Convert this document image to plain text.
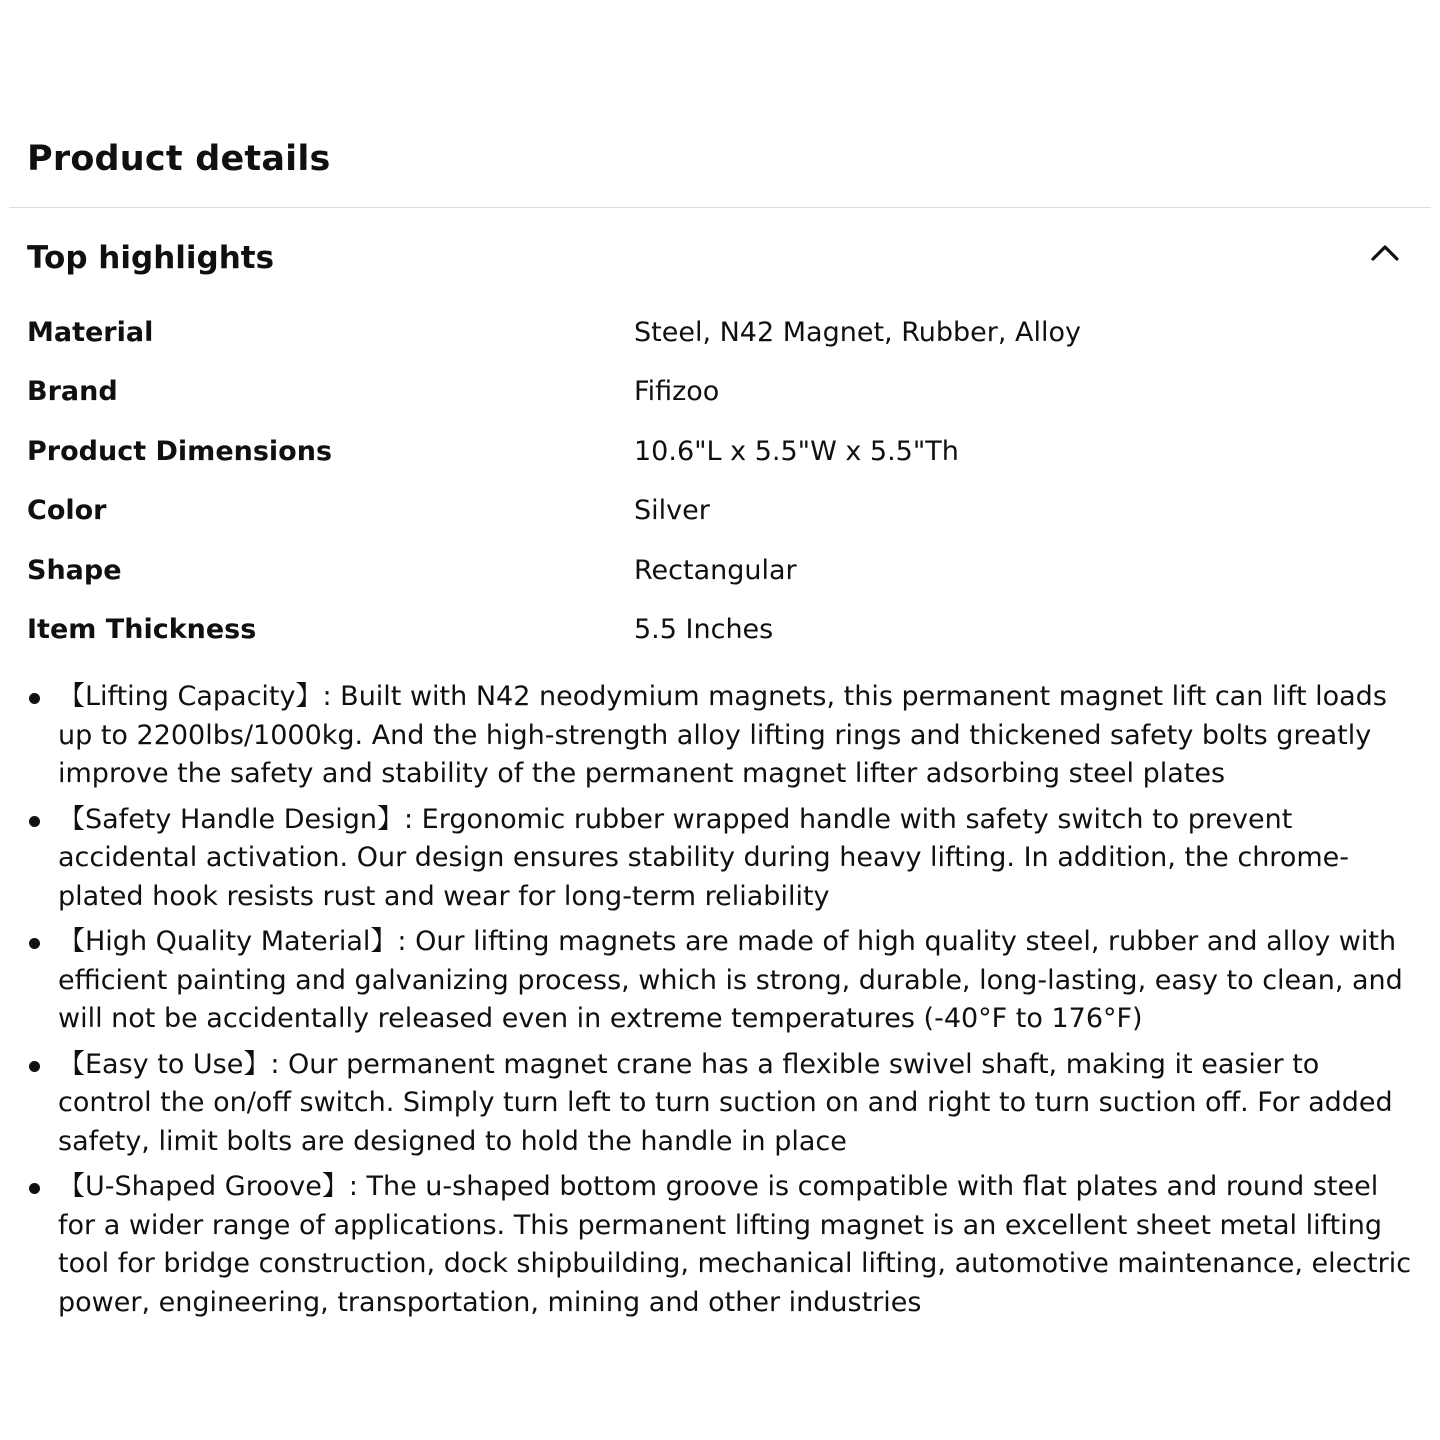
Product details
Top highlights
Material	Steel, N42 Magnet, Rubber, Alloy
Brand	Fifizoo
Product Dimensions	10.6"L x 5.5"W x 5.5"Th
Color	Silver
Shape	Rectangular
Item Thickness	5.5 Inches
• 【Lifting Capacity】: Built with N42 neodymium magnets, this permanent magnet lift can lift loads up to 2200lbs/1000kg. And the high-strength alloy lifting rings and thickened safety bolts greatly improve the safety and stability of the permanent magnet lifter adsorbing steel plates
• 【Safety Handle Design】: Ergonomic rubber wrapped handle with safety switch to prevent accidental activation. Our design ensures stability during heavy lifting. In addition, the chrome-plated hook resists rust and wear for long-term reliability
• 【High Quality Material】: Our lifting magnets are made of high quality steel, rubber and alloy with efficient painting and galvanizing process, which is strong, durable, long-lasting, easy to clean, and will not be accidentally released even in extreme temperatures (-40°F to 176°F)
• 【Easy to Use】: Our permanent magnet crane has a flexible swivel shaft, making it easier to control the on/off switch. Simply turn left to turn suction on and right to turn suction off. For added safety, limit bolts are designed to hold the handle in place
• 【U-Shaped Groove】: The u-shaped bottom groove is compatible with flat plates and round steel for a wider range of applications. This permanent lifting magnet is an excellent sheet metal lifting tool for bridge construction, dock shipbuilding, mechanical lifting, automotive maintenance, electric power, engineering, transportation, mining and other industries
